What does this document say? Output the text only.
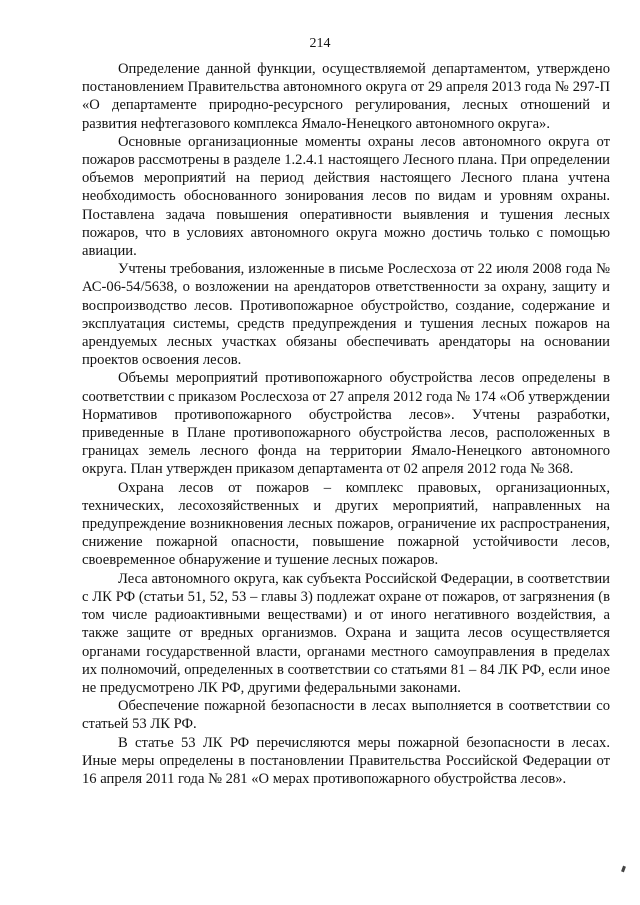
214

Определение данной функции, осуществляемой департаментом, утверждено постановлением Правительства автономного округа от 29 апреля 2013 года № 297-П «О департаменте природно-ресурсного регулирования, лесных отношений и развития нефтегазового комплекса Ямало-Ненецкого автономного округа».

Основные организационные моменты охраны лесов автономного округа от пожаров рассмотрены в разделе 1.2.4.1 настоящего Лесного плана. При определении объемов мероприятий на период действия настоящего Лесного плана учтена необходимость обоснованного зонирования лесов по видам и уровням охраны. Поставлена задача повышения оперативности выявления и тушения лесных пожаров, что в условиях автономного округа можно достичь только с помощью авиации.

Учтены требования, изложенные в письме Рослесхоза от 22 июля 2008 года № АС-06-54/5638, о возложении на арендаторов ответственности за охрану, защиту и воспроизводство лесов. Противопожарное обустройство, создание, содержание и эксплуатация системы, средств предупреждения и тушения лесных пожаров на арендуемых лесных участках обязаны обеспечивать арендаторы на основании проектов освоения лесов.

Объемы мероприятий противопожарного обустройства лесов определены в соответствии с приказом Рослесхоза от 27 апреля 2012 года № 174 «Об утверждении Нормативов противопожарного обустройства лесов». Учтены разработки, приведенные в Плане противопожарного обустройства лесов, расположенных в границах земель лесного фонда на территории Ямало-Ненецкого автономного округа. План утвержден приказом департамента от 02 апреля 2012 года № 368.

Охрана лесов от пожаров – комплекс правовых, организационных, технических, лесохозяйственных и других мероприятий, направленных на предупреждение возникновения лесных пожаров, ограничение их распространения, снижение пожарной опасности, повышение пожарной устойчивости лесов, своевременное обнаружение и тушение лесных пожаров.

Леса автономного округа, как субъекта Российской Федерации, в соответствии с ЛК РФ (статьи 51, 52, 53 – главы 3) подлежат охране от пожаров, от загрязнения (в том числе радиоактивными веществами) и от иного негативного воздействия, а также защите от вредных организмов. Охрана и защита лесов осуществляется органами государственной власти, органами местного самоуправления в пределах их полномочий, определенных в соответствии со статьями 81 – 84 ЛК РФ, если иное не предусмотрено ЛК РФ, другими федеральными законами.

Обеспечение пожарной безопасности в лесах выполняется в соответствии со статьей 53 ЛК РФ.

В статье 53 ЛК РФ перечисляются меры пожарной безопасности в лесах. Иные меры определены в постановлении Правительства Российской Федерации от 16 апреля 2011 года № 281 «О мерах противопожарного обустройства лесов».
